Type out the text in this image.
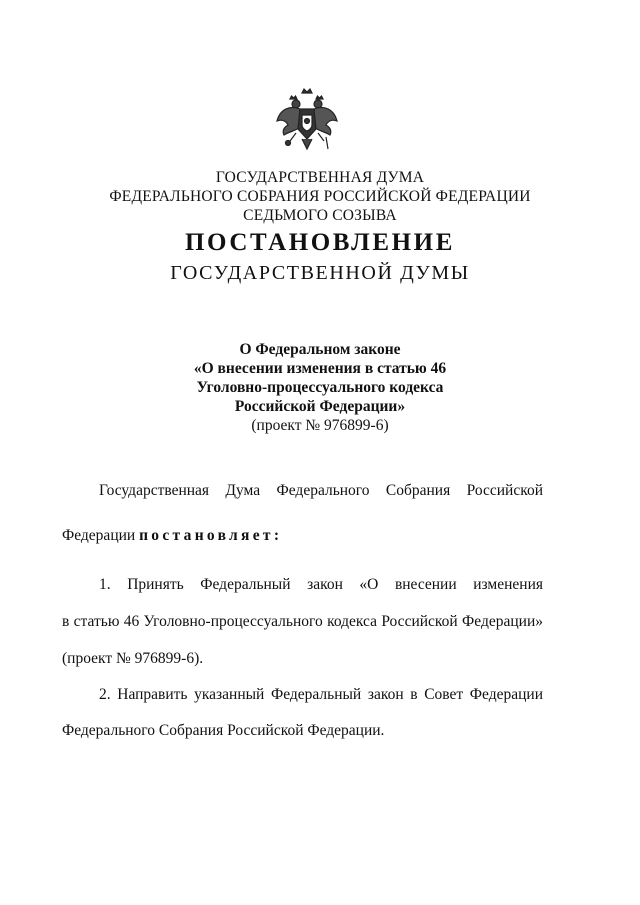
ГОСУДАРСТВЕННАЯ ДУМА
ФЕДЕРАЛЬНОГО СОБРАНИЯ РОССИЙСКОЙ ФЕДЕРАЦИИ
СЕДЬМОГО СОЗЫВА
ПОСТАНОВЛЕНИЕ
ГОСУДАРСТВЕННОЙ ДУМЫ
О Федеральном законе
«О внесении изменения в статью 46
Уголовно-процессуального кодекса
Российской Федерации»
(проект № 976899-6)
Государственная Дума Федерального Собрания Российской
Федерации постановляет:
1. Принять Федеральный закон «О внесении изменения
в статью 46 Уголовно-процессуального кодекса Российской Федерации»
(проект № 976899-6).
2. Направить указанный Федеральный закон в Совет Федерации
Федерального Собрания Российской Федерации.
